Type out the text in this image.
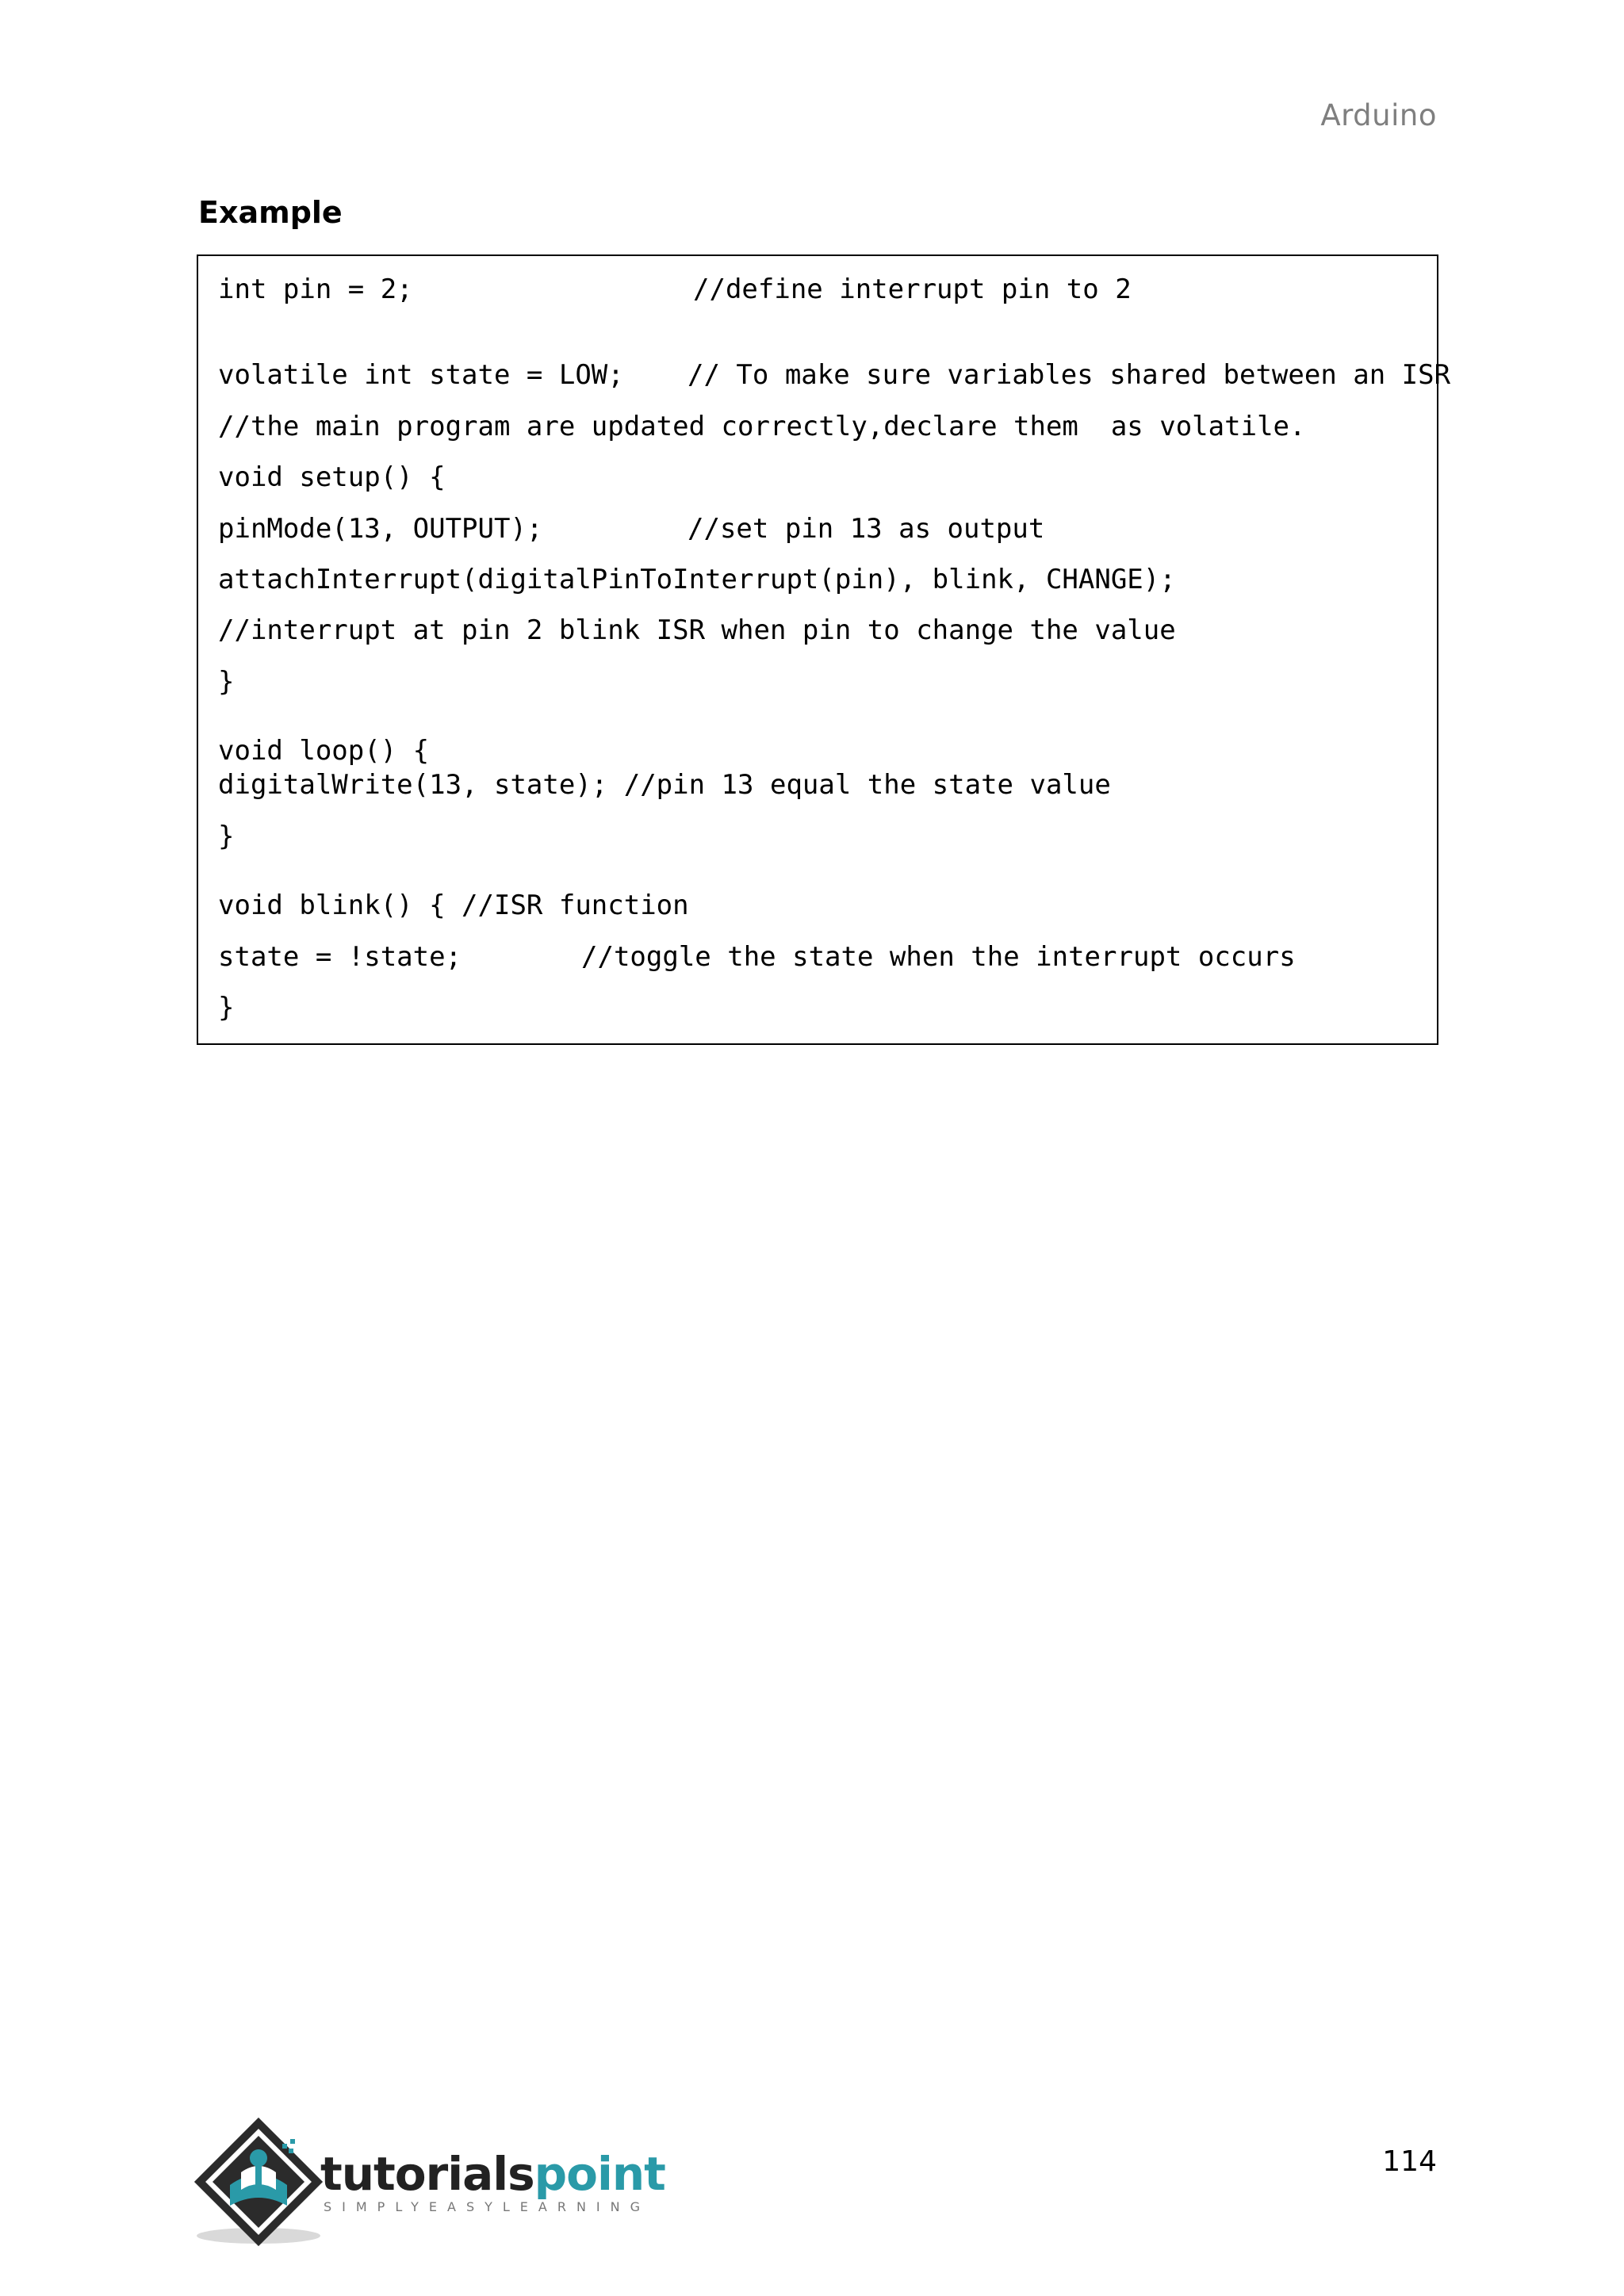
Arduino
Example
int pin = 2;	//define interrupt pin to 2
volatile int state = LOW; // To make sure variables shared between an ISR
//the main program are updated correctly,declare them  as volatile.
void setup() {
pinMode(13, OUTPUT);	//set pin 13 as output
attachInterrupt(digitalPinToInterrupt(pin), blink, CHANGE);
//interrupt at pin 2 blink ISR when pin to change the value
}
void loop() {
digitalWrite(13, state); //pin 13 equal the state value
}
void blink() { //ISR function
state = !state;	//toggle the state when the interrupt occurs
}
tutorialspoint
SIMPLYEASYLEARNING
114
